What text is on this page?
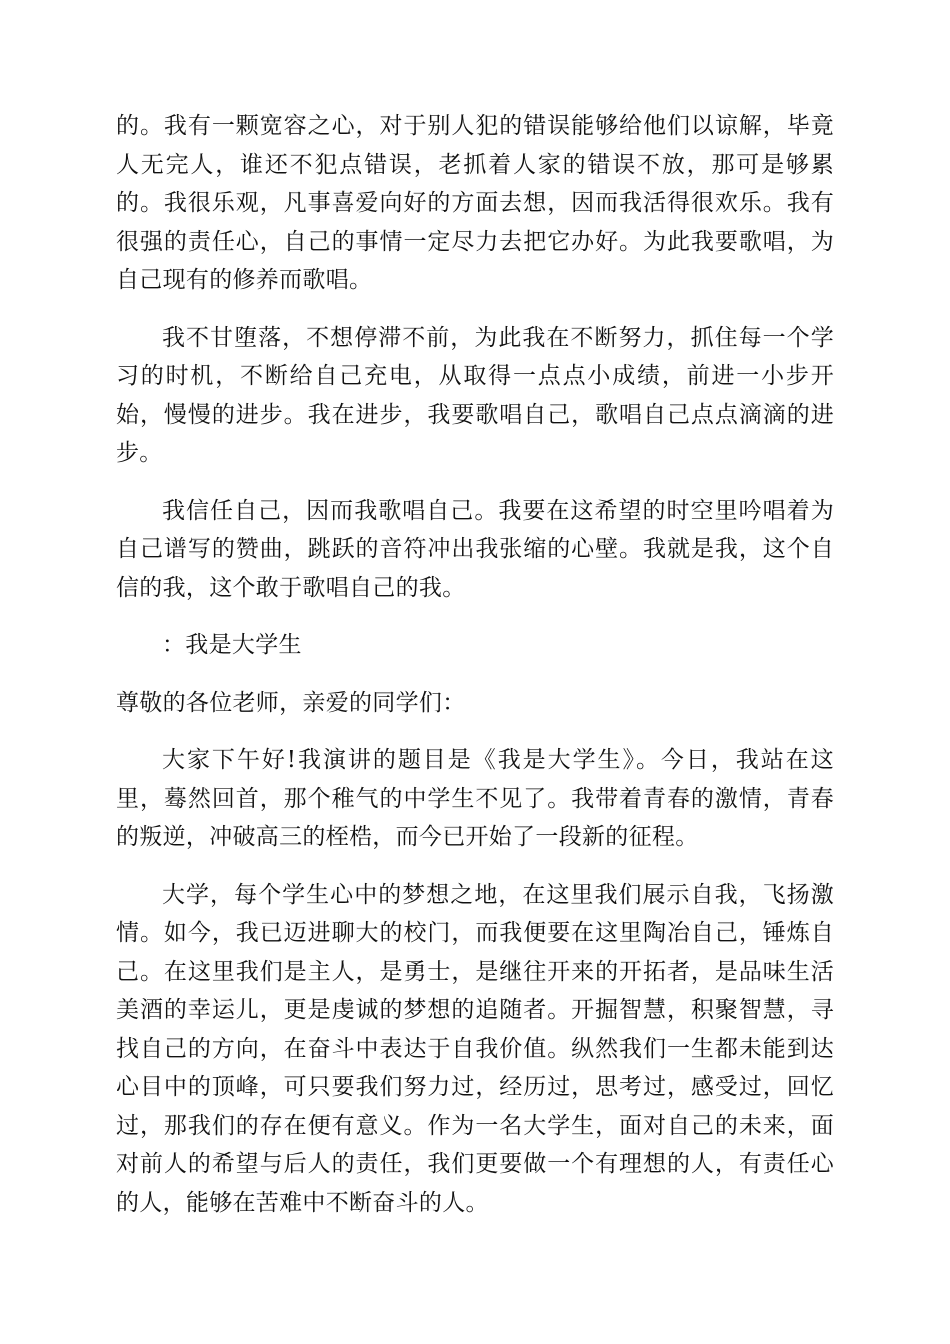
的。我有一颗宽容之心，对于别人犯的错误能够给他们以谅解，毕竟人无完人，谁还不犯点错误，老抓着人家的错误不放，那可是够累的。我很乐观，凡事喜爱向好的方面去想，因而我活得很欢乐。我有很强的责任心，自己的事情一定尽力去把它办好。为此我要歌唱，为自己现有的修养而歌唱。

我不甘堕落，不想停滞不前，为此我在不断努力，抓住每一个学习的时机，不断给自己充电，从取得一点点小成绩，前进一小步开始，慢慢的进步。我在进步，我要歌唱自己，歌唱自己点点滴滴的进步。

我信任自己，因而我歌唱自己。我要在这希望的时空里吟唱着为自己谱写的赞曲，跳跃的音符冲出我张缩的心壁。我就是我，这个自信的我，这个敢于歌唱自己的我。

：我是大学生

尊敬的各位老师，亲爱的同学们：

大家下午好!我演讲的题目是《我是大学生》。今日，我站在这里，蓦然回首，那个稚气的中学生不见了。我带着青春的激情，青春的叛逆，冲破高三的桎梏，而今已开始了一段新的征程。

大学，每个学生心中的梦想之地，在这里我们展示自我，飞扬激情。如今，我已迈进聊大的校门，而我便要在这里陶冶自己，锤炼自己。在这里我们是主人，是勇士，是继往开来的开拓者，是品味生活美酒的幸运儿，更是虔诚的梦想的追随者。开掘智慧，积聚智慧，寻找自己的方向，在奋斗中表达于自我价值。纵然我们一生都未能到达心目中的顶峰，可只要我们努力过，经历过，思考过，感受过，回忆过，那我们的存在便有意义。作为一名大学生，面对自己的未来，面对前人的希望与后人的责任，我们更要做一个有理想的人，有责任心的人，能够在苦难中不断奋斗的人。
